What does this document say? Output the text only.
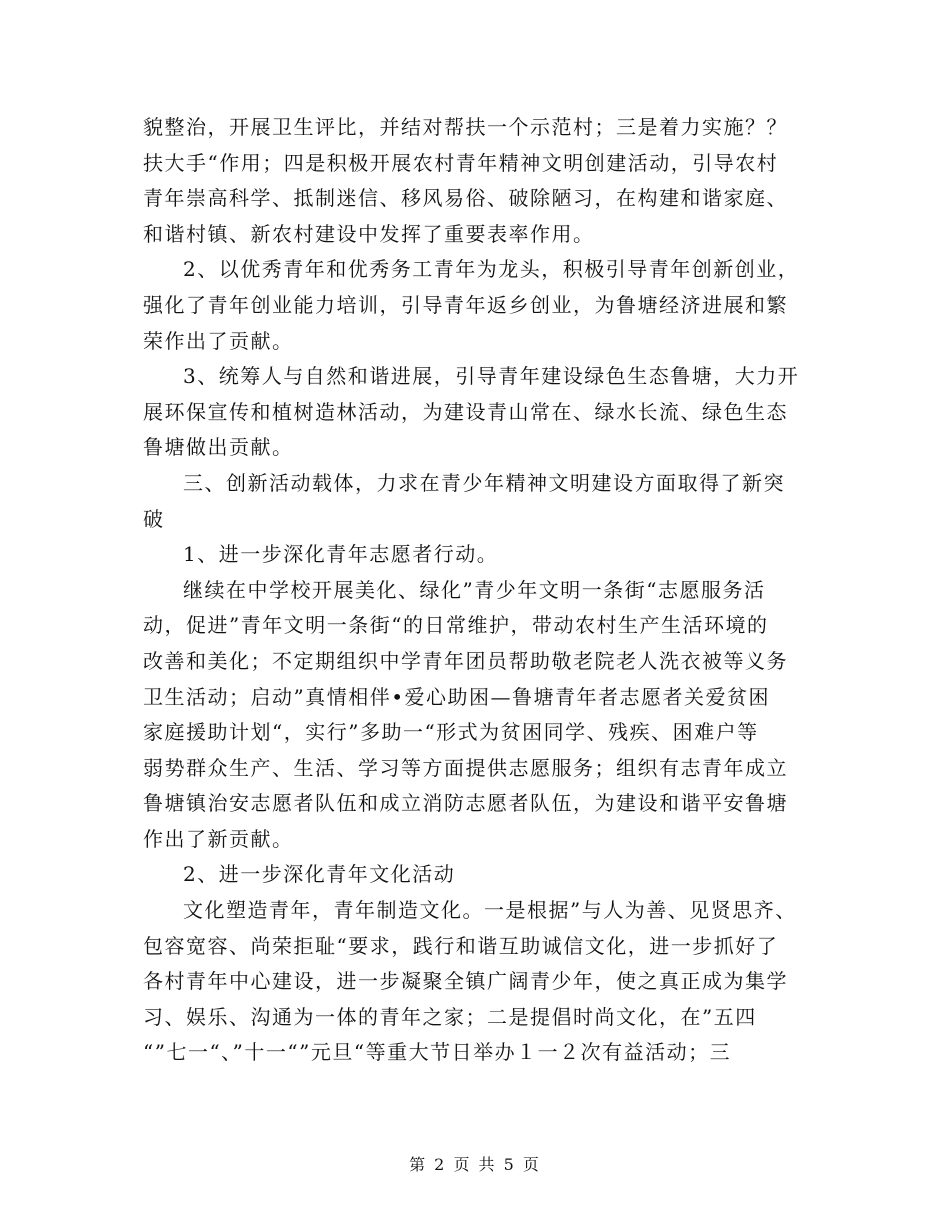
貌整治，开展卫生评比，并结对帮扶一个示范村；三是着力实施？？
扶大手“作用；四是积极开展农村青年精神文明创建活动，引导农村
青年崇高科学、抵制迷信、移风易俗、破除陋习，在构建和谐家庭、
和谐村镇、新农村建设中发挥了重要表率作用。
2、以优秀青年和优秀务工青年为龙头，积极引导青年创新创业，
强化了青年创业能力培训，引导青年返乡创业，为鲁塘经济进展和繁
荣作出了贡献。
3、统筹人与自然和谐进展，引导青年建设绿色生态鲁塘，大力开
展环保宣传和植树造林活动，为建设青山常在、绿水长流、绿色生态
鲁塘做出贡献。
三、创新活动载体，力求在青少年精神文明建设方面取得了新突
破
1、进一步深化青年志愿者行动。
继续在中学校开展美化、绿化”青少年文明一条街“志愿服务活
动，促进”青年文明一条街“的日常维护，带动农村生产生活环境的
改善和美化；不定期组织中学青年团员帮助敬老院老人洗衣被等义务
卫生活动；启动”真情相伴•爱心助困—鲁塘青年者志愿者关爱贫困
家庭援助计划“，实行”多助一“形式为贫困同学、残疾、困难户等
弱势群众生产、生活、学习等方面提供志愿服务；组织有志青年成立
鲁塘镇治安志愿者队伍和成立消防志愿者队伍，为建设和谐平安鲁塘
作出了新贡献。
2、进一步深化青年文化活动
文化塑造青年，青年制造文化。一是根据”与人为善、见贤思齐、
包容宽容、尚荣拒耻“要求，践行和谐互助诚信文化，进一步抓好了
各村青年中心建设，进一步凝聚全镇广阔青少年，使之真正成为集学
习、娱乐、沟通为一体的青年之家；二是提倡时尚文化，在”五四
“”七一“、”十一“”元旦“等重大节日举办１一２次有益活动；三
第 2 页 共 5 页
